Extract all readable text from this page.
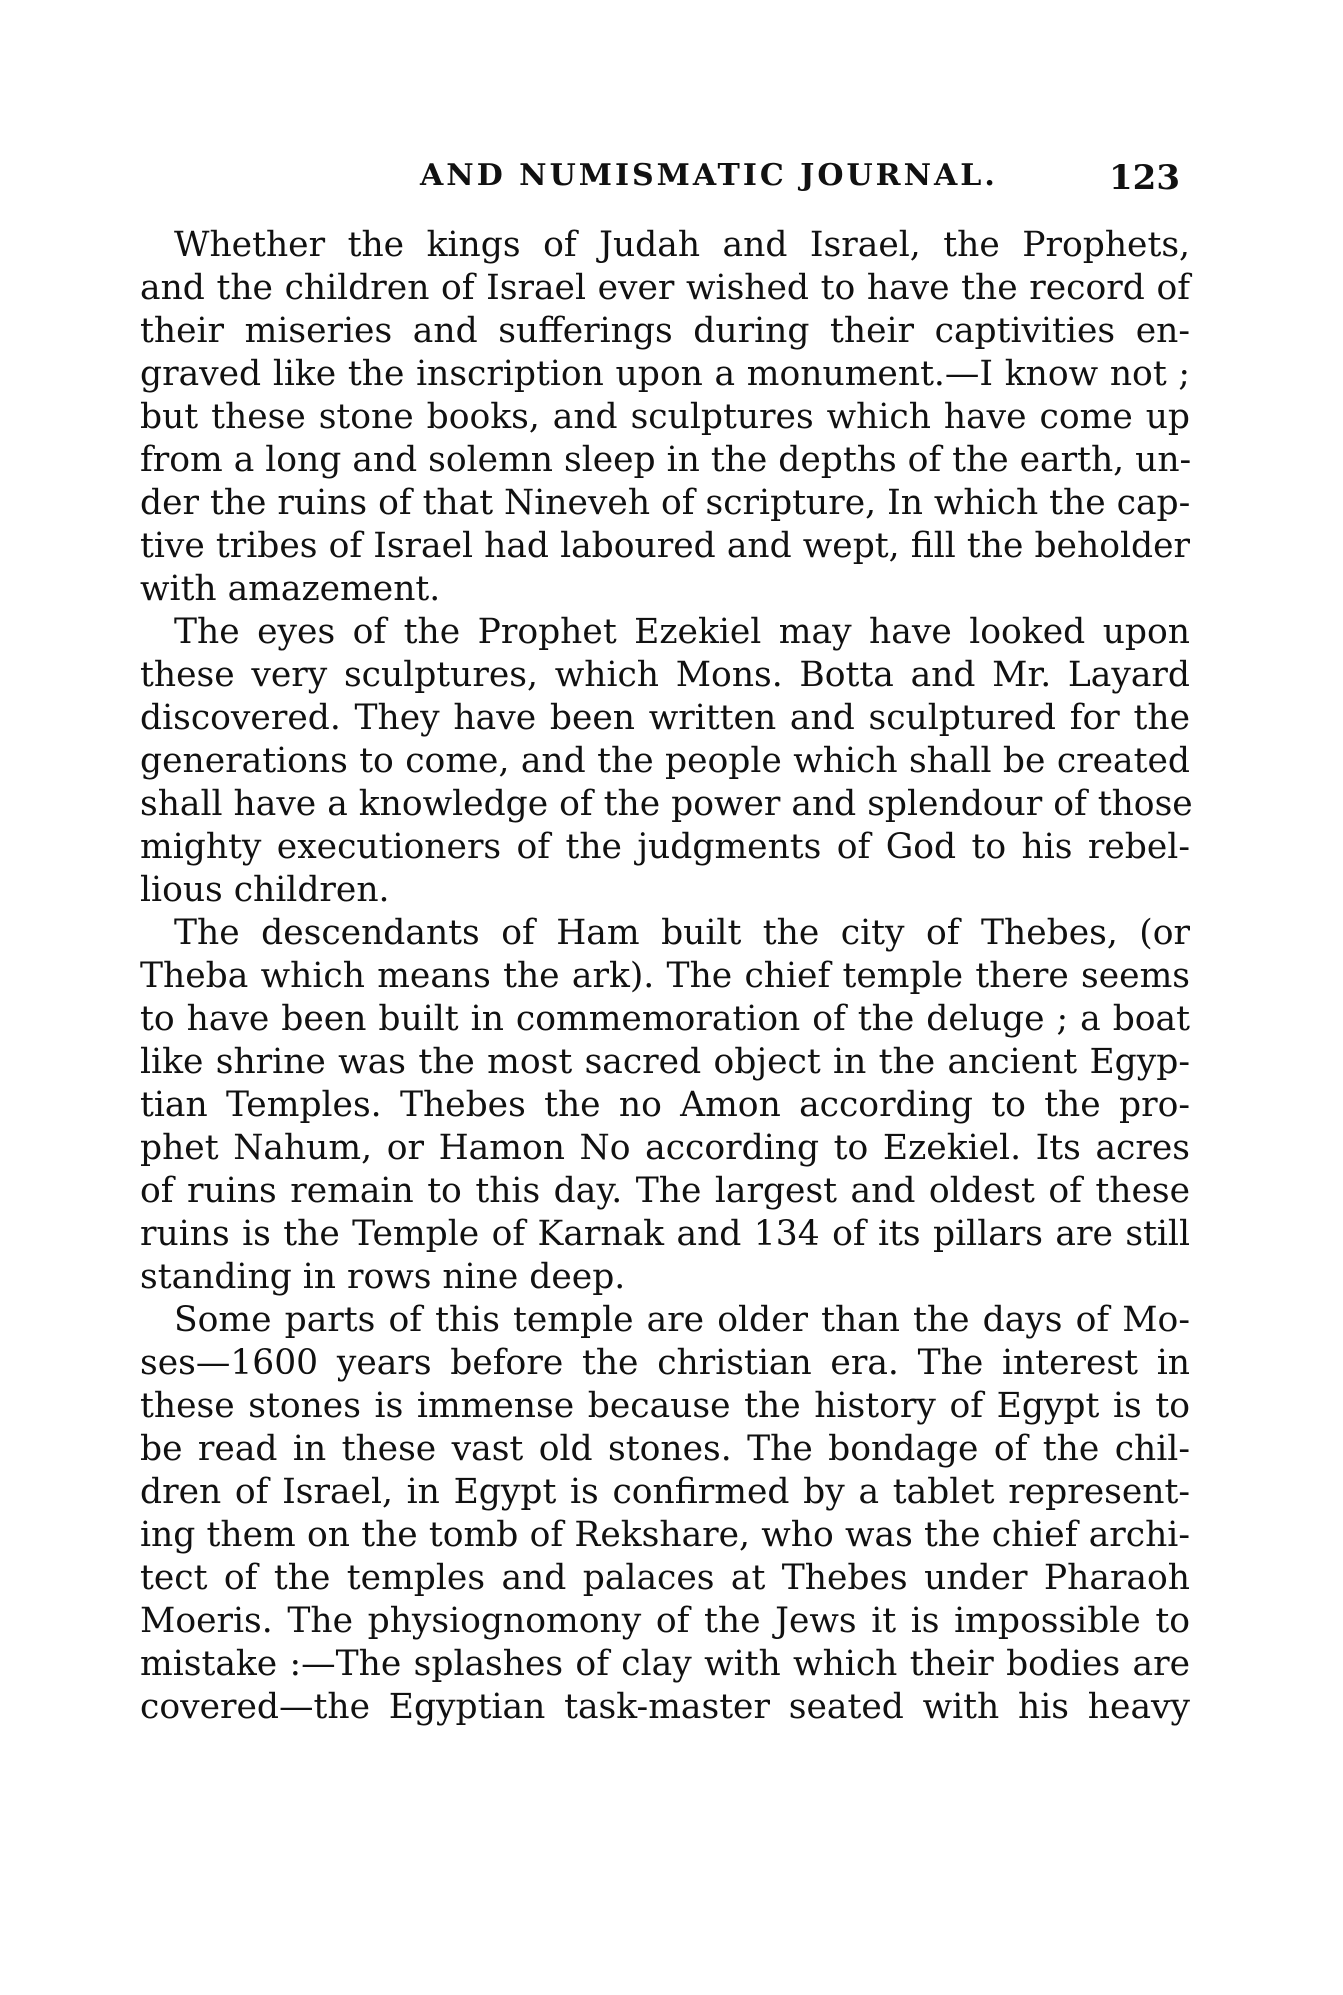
AND NUMISMATIC JOURNAL.	123
Whether the kings of Judah and Israel, the Prophets,
and the children of Israel ever wished to have the record of
their miseries and sufferings during their captivities en-
graved like the inscription upon a monument.—I know not ;
but these stone books, and sculptures which have come up
from a long and solemn sleep in the depths of the earth, un-
der the ruins of that Nineveh of scripture, In which the cap-
tive tribes of Israel had laboured and wept, fill the beholder
with amazement.
The eyes of the Prophet Ezekiel may have looked upon
these very sculptures, which Mons. Botta and Mr. Layard
discovered. They have been written and sculptured for the
generations to come, and the people which shall be created
shall have a knowledge of the power and splendour of those
mighty executioners of the judgments of God to his rebel-
lious children.
The descendants of Ham built the city of Thebes, (or
Theba which means the ark). The chief temple there seems
to have been built in commemoration of the deluge ; a boat
like shrine was the most sacred object in the ancient Egyp-
tian Temples. Thebes the no Amon according to the pro-
phet Nahum, or Hamon No according to Ezekiel. Its acres
of ruins remain to this day. The largest and oldest of these
ruins is the Temple of Karnak and 134 of its pillars are still
standing in rows nine deep.
Some parts of this temple are older than the days of Mo-
ses—1600 years before the christian era. The interest in
these stones is immense because the history of Egypt is to
be read in these vast old stones. The bondage of the chil-
dren of Israel, in Egypt is confirmed by a tablet represent-
ing them on the tomb of Rekshare, who was the chief archi-
tect of the temples and palaces at Thebes under Pharaoh
Moeris. The physiognomony of the Jews it is impossible to
mistake :—The splashes of clay with which their bodies are
covered—the Egyptian task-master seated with his heavy
